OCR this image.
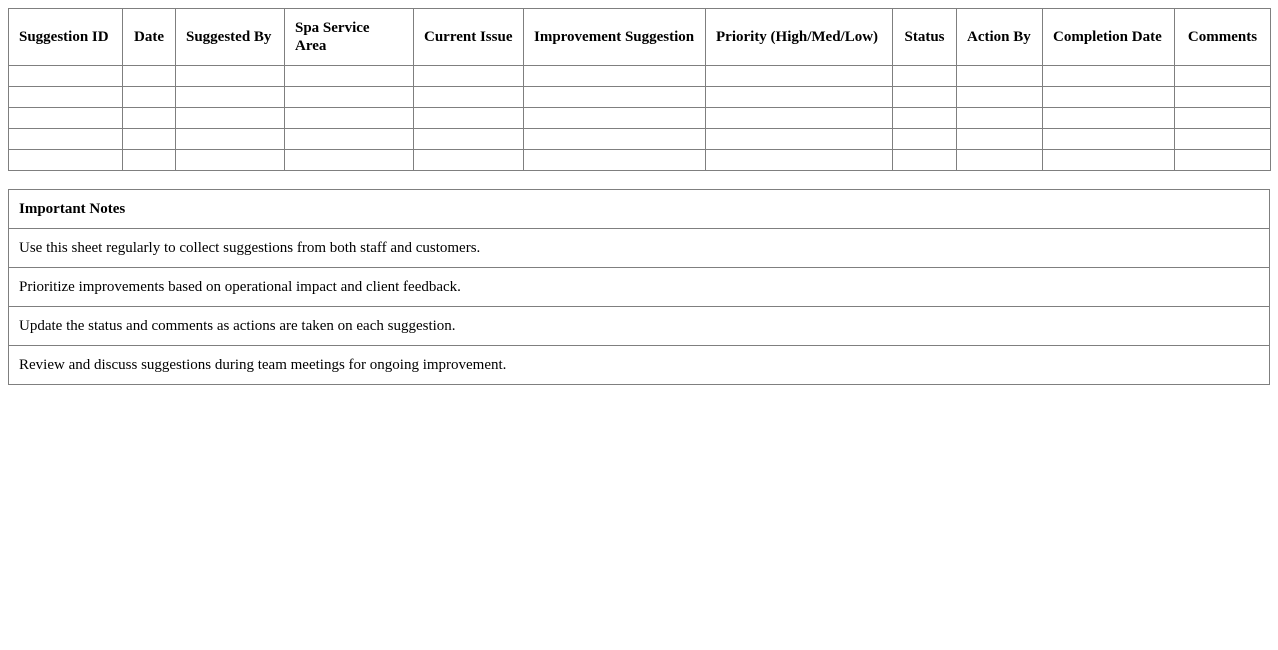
Suggestion ID	Date	Suggested By	Spa Service Area	Current Issue	Improvement Suggestion	Priority (High/Med/Low)	Status	Action By	Completion Date	Comments

Important Notes
Use this sheet regularly to collect suggestions from both staff and customers.
Prioritize improvements based on operational impact and client feedback.
Update the status and comments as actions are taken on each suggestion.
Review and discuss suggestions during team meetings for ongoing improvement.
